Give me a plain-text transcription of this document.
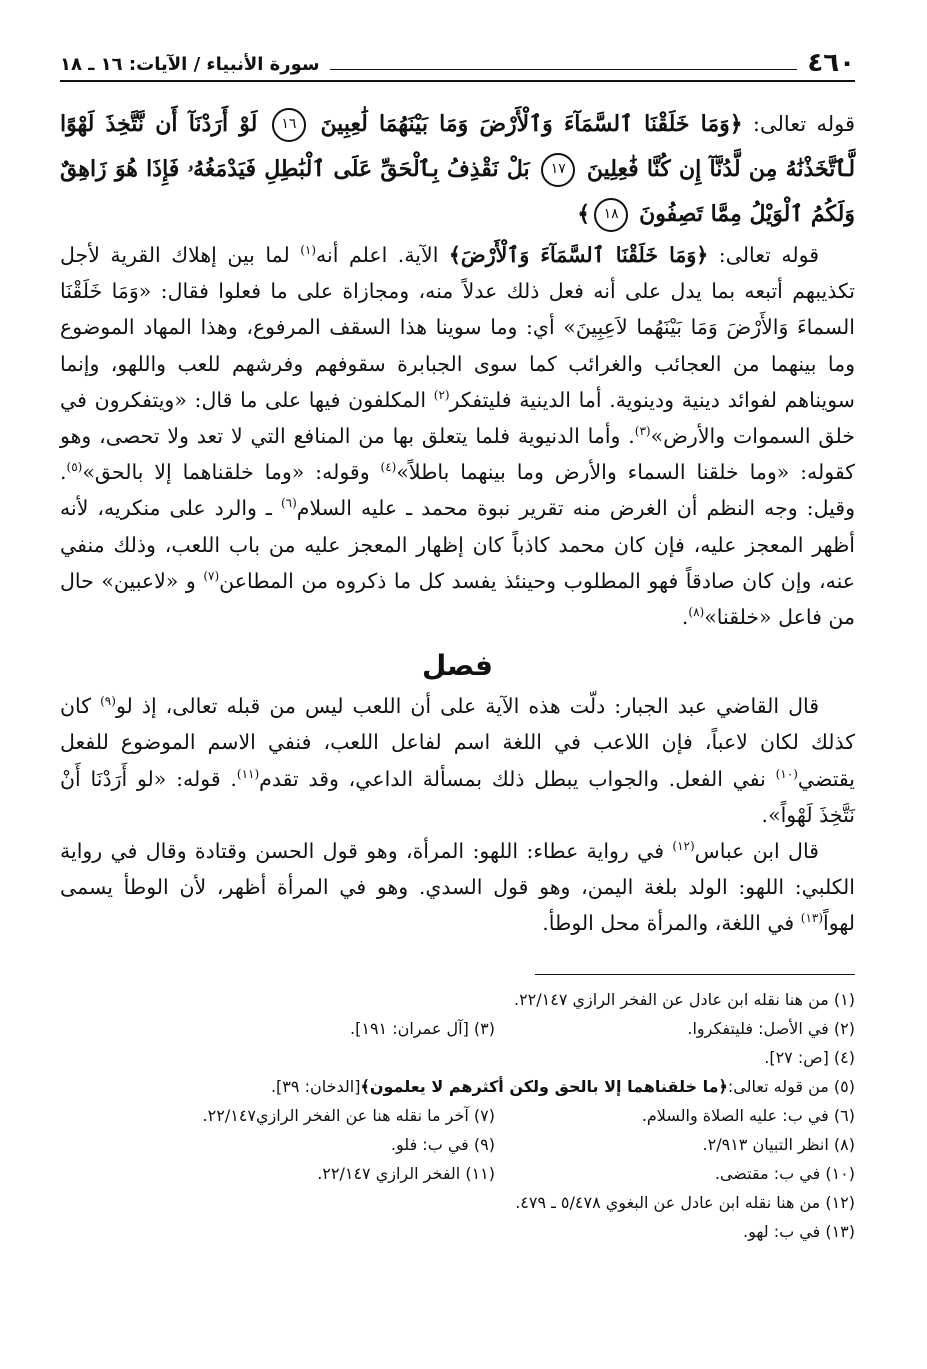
٤٦٠
سورة الأنبياء / الآيات: ١٦ ـ ١٨
قوله تعالى: ﴿وَمَا خَلَقْنَا ٱلسَّمَآءَ وَٱلْأَرْضَ وَمَا بَيْنَهُمَا لَٰعِبِينَ ١٦ لَوْ أَرَدْنَآ أَن نَّتَّخِذَ لَهْوًا لَّٱتَّخَذْنَٰهُ مِن لَّدُنَّآ إِن كُنَّا فَٰعِلِينَ ١٧ بَلْ نَقْذِفُ بِٱلْحَقِّ عَلَى ٱلْبَٰطِلِ فَيَدْمَغُهُۥ فَإِذَا هُوَ زَاهِقٌ وَلَكُمُ ٱلْوَيْلُ مِمَّا تَصِفُونَ ١٨﴾

قوله تعالى: ﴿وَمَا خَلَقْنَا ٱلسَّمَآءَ وَٱلْأَرْضَ﴾ الآية. اعلم أنه$^{(١)}$ لما بين إهلاك القرية لأجل تكذيبهم أتبعه بما يدل على أنه فعل ذلك عدلاً منه، ومجازاة على ما فعلوا فقال: «وَمَا خَلَقْنَا السماءَ وَالأَرْضَ وَمَا بَيْنَهُما لاَعِبِينَ» أي: وما سوينا هذا السقف المرفوع، وهذا المهاد الموضوع وما بينهما من العجائب والغرائب كما سوى الجبابرة سقوفهم وفرشهم للعب واللهو، وإنما سويناهم لفوائد دينية ودينوية. أما الدينية فليتفكر$^{(٢)}$ المكلفون فيها على ما قال: «ويتفكرون في خلق السموات والأرض»$^{(٣)}$. وأما الدنيوية فلما يتعلق بها من المنافع التي لا تعد ولا تحصى، وهو كقوله: «وما خلقنا السماء والأرض وما بينهما باطلاً»$^{(٤)}$ وقوله: «وما خلقناهما إلا بالحق»$^{(٥)}$. وقيل: وجه النظم أن الغرض منه تقرير نبوة محمد ـ عليه السلام$^{(٦)}$ ـ والرد على منكريه، لأنه أظهر المعجز عليه، فإن كان محمد كاذباً كان إظهار المعجز عليه من باب اللعب، وذلك منفي عنه، وإن كان صادقاً فهو المطلوب وحينئذ يفسد كل ما ذكروه من المطاعن$^{(٧)}$ و «لاعبين» حال من فاعل «خلقنا»$^{(٨)}$.

فصل

قال القاضي عبد الجبار: دلّت هذه الآية على أن اللعب ليس من قبله تعالى، إذ لو$^{(٩)}$ كان كذلك لكان لاعباً، فإن اللاعب في اللغة اسم لفاعل اللعب، فنفي الاسم الموضوع للفعل يقتضي$^{(١٠)}$ نفي الفعل. والجواب يبطل ذلك بمسألة الداعي، وقد تقدم$^{(١١)}$. قوله: «لو أَرَدْنَا أَنْ نَتَّخِذَ لَهْواً».

قال ابن عباس$^{(١٢)}$ في رواية عطاء: اللهو: المرأة، وهو قول الحسن وقتادة وقال في رواية الكلبي: اللهو: الولد بلغة اليمن، وهو قول السدي. وهو في المرأة أظهر، لأن الوطأ يسمى لهواً$^{(١٣)}$ في اللغة، والمرأة محل الوطأ.

(١) من هنا نقله ابن عادل عن الفخر الرازي ٢٢/١٤٧.
(٢) في الأصل: فليتفكروا.
(٣) [آل عمران: ١٩١].
(٤) [ص: ٢٧].
(٥) من قوله تعالى:
﴿ما خلقناهما إلا بالحق ولكن أكثرهم لا يعلمون﴾
[الدخان: ٣٩].
(٦) في ب: عليه الصلاة والسلام.
(٧) آخر ما نقله هنا عن الفخر الرازي٢٢/١٤٧.
(٨) انظر التبيان ٢/٩١٣.
(٩) في ب: فلو.
(١٠) في ب: مقتضى.
(١١) الفخر الرازي ٢٢/١٤٧.
(١٢) من هنا نقله ابن عادل عن البغوي ٥/٤٧٨ ـ ٤٧٩.
(١٣) في ب: لهو.
